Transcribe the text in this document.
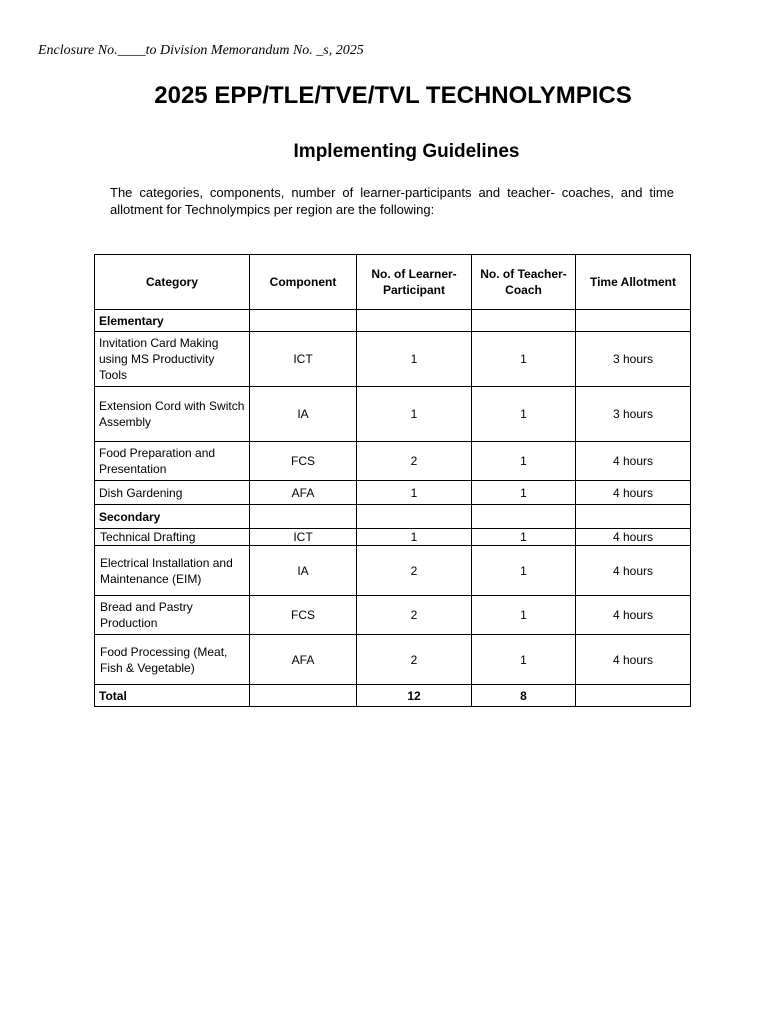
Enclosure No.____to Division Memorandum No. _s, 2025
2025 EPP/TLE/TVE/TVL TECHNOLYMPICS
Implementing Guidelines
The categories, components, number of learner-participants and teacher- coaches, and time allotment for Technolympics per region are the following:
Category	Component	No. of Learner-Participant	No. of Teacher-Coach	Time Allotment
Elementary				
Invitation Card Making using MS Productivity Tools	ICT	1	1	3 hours
Extension Cord with Switch Assembly	IA	1	1	3 hours
Food Preparation and Presentation	FCS	2	1	4 hours
Dish Gardening	AFA	1	1	4 hours
Secondary				
Technical Drafting	ICT	1	1	4 hours
Electrical Installation and Maintenance (EIM)	IA	2	1	4 hours
Bread and Pastry Production	FCS	2	1	4 hours
Food Processing (Meat, Fish & Vegetable)	AFA	2	1	4 hours
Total		12	8	
